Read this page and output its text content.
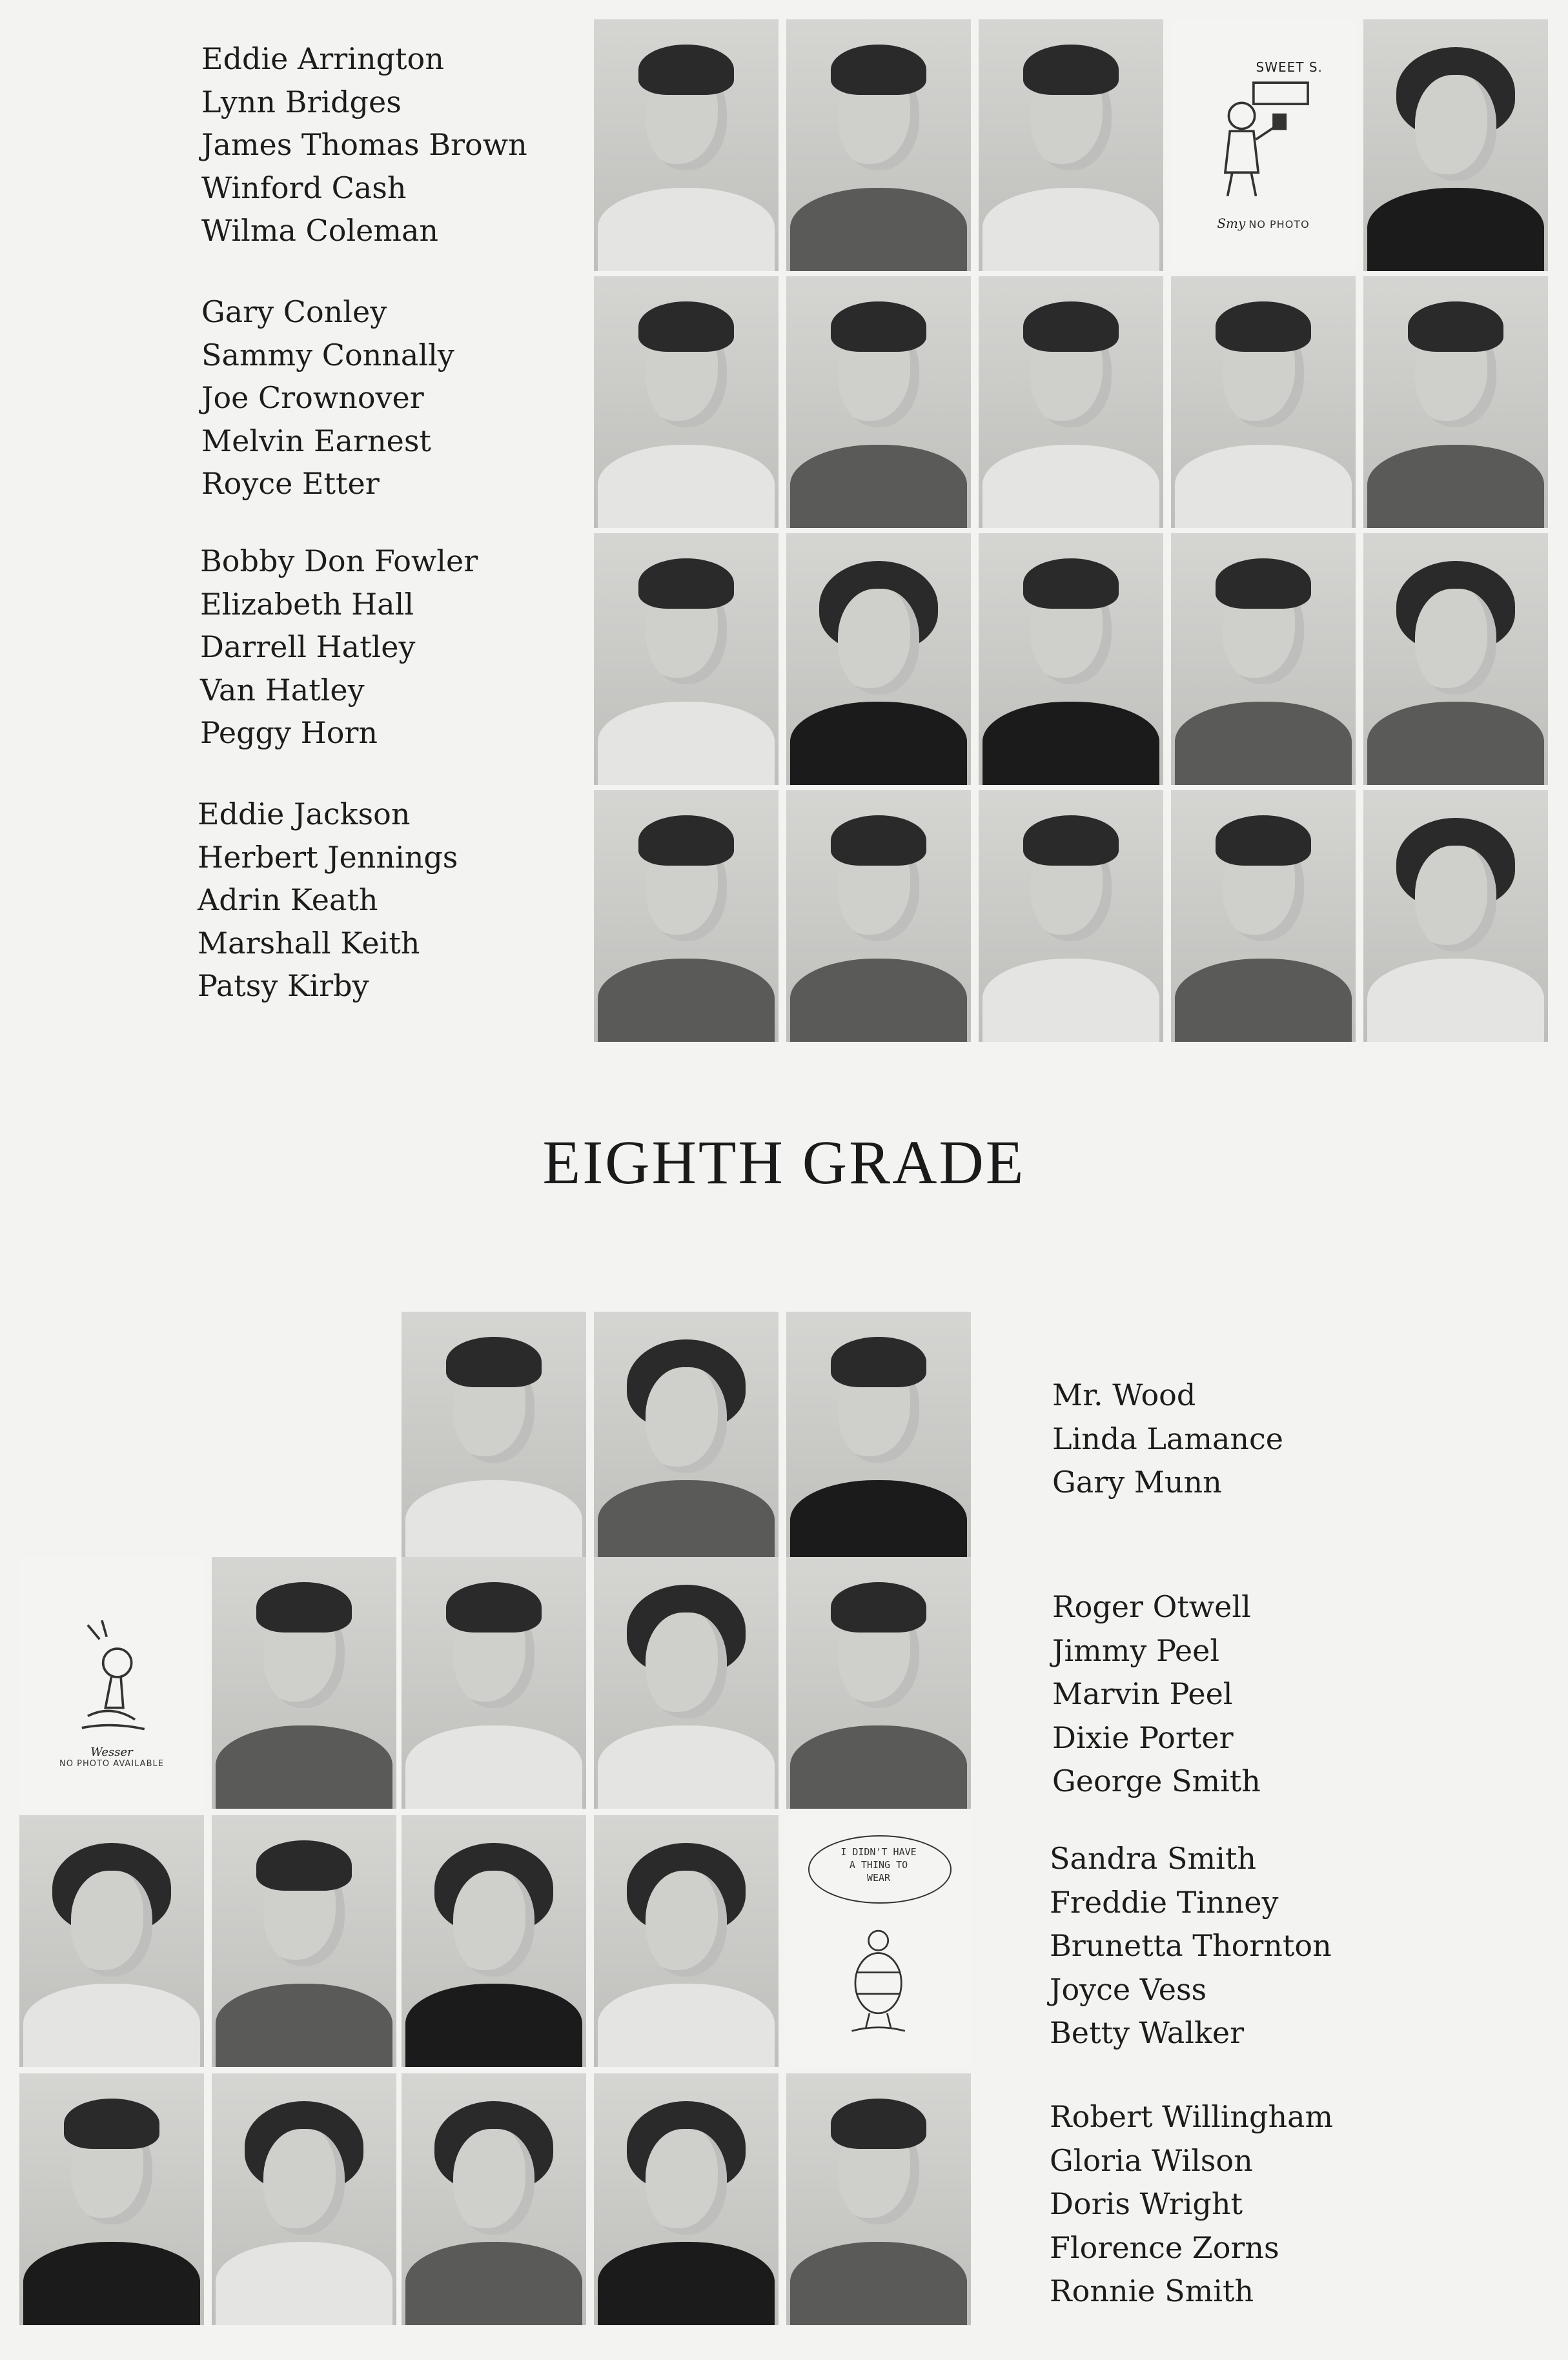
Eddie Arrington
Lynn Bridges
James Thomas Brown
Winford Cash
Wilma Coleman
Gary Conley
Sammy Connally
Joe Crownover
Melvin Earnest
Royce Etter
Bobby Don Fowler
Elizabeth Hall
Darrell Hatley
Van Hatley
Peggy Horn
Eddie Jackson
Herbert Jennings
Adrin Keath
Marshall Keith
Patsy Kirby
SWEET S.
Smy NO PHOTO
EIGHTH GRADE
Wesser
NO PHOTO AVAILABLE
I DIDN'T HAVE
A THING TO
WEAR
Mr. Wood
Linda Lamance
Gary Munn
Roger Otwell
Jimmy Peel
Marvin Peel
Dixie Porter
George Smith
Sandra Smith
Freddie Tinney
Brunetta Thornton
Joyce Vess
Betty Walker
Robert Willingham
Gloria Wilson
Doris Wright
Florence Zorns
Ronnie Smith
